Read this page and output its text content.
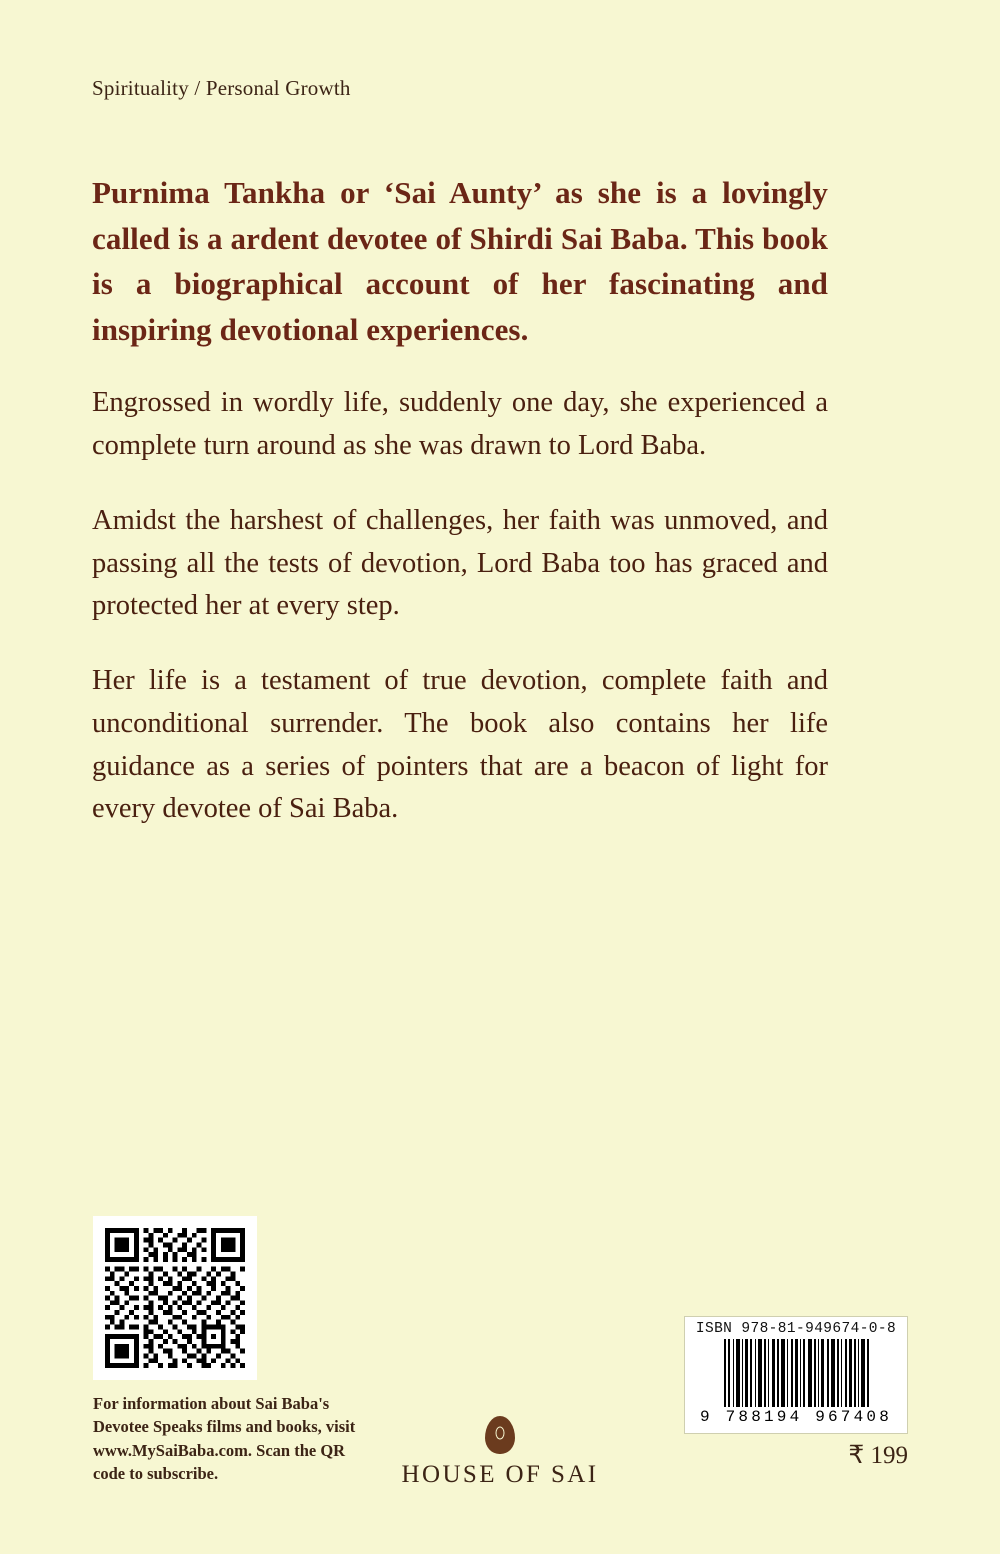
Spirituality / Personal Growth

Purnima Tankha or ‘Sai Aunty’ as she is a lovingly called is a ardent devotee of Shirdi Sai Baba. This book is a biographical account of her fascinating and inspiring devotional experiences.

Engrossed in wordly life, suddenly one day, she experienced a complete turn around as she was drawn to Lord Baba.

Amidst the harshest of challenges, her faith was unmoved, and passing all the tests of devotion, Lord Baba too has graced and protected her at every step.

Her life is a testament of true devotion, complete faith and unconditional surrender. The book also contains her life guidance as a series of pointers that are a beacon of light for every devotee of Sai Baba.

For information about Sai Baba's Devotee Speaks films and books, visit www.MySaiBaba.com. Scan the QR code to subscribe.	HOUSE OF SAI
ISBN 978-81-949674-0-8
9 788194 967408
₹ 199
